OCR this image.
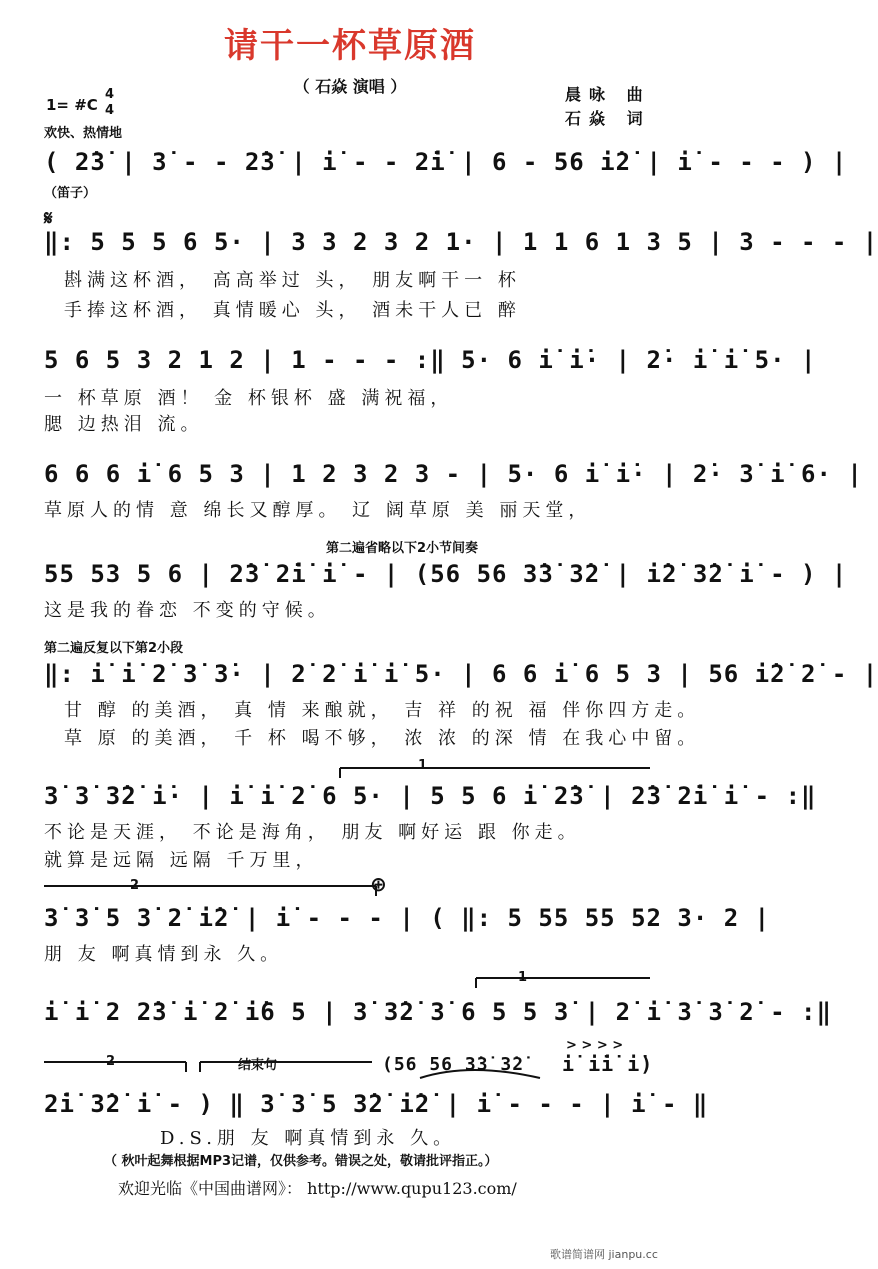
请干一杯草原酒
（ 石焱 演唱 ）	晨咏 曲
石焱 词
1= #C
4
4
欢快、热情地
( 2̇3̇ | 3̇ - - 2̇3̇ | i̇ - - 2̇i̇ | 6 - 56 i̇2̇ | i̇ - - - ) |
（笛子）
𝄋
‖: 5 5 5 6 5· | 3 3 2 3 2 1· | 1 1 6 1 3 5 | 3 - - - |
斟满这杯酒， 高高举过 头， 朋友啊干一 杯
手捧这杯酒， 真情暖心 头， 酒未干人已 醉
5 6 5 3 2 1 2 | 1 - - - :‖ 5· 6 i̇ i̇· | 2̇· i̇ i̇ 5· |
一 杯草原 酒！ 金 杯银杯 盛 满祝福，
腮 边热泪 流。
6 6 6 i̇ 6 5 3 | 1 2 3 2 3 - | 5· 6 i̇ i̇· | 2̇· 3̇ i̇ 6· |
草原人的情 意 绵长又醇厚。 辽 阔草原 美 丽天堂，
第二遍省略以下2小节间奏
55 53 5 6 | 2̇3̇ 2̇i̇ i̇ - | (56 56 3̇3̇ 3̇2̇ | i̇2̇ 3̇2̇ i̇ - ) |
这是我的眷恋 不变的守候。
第二遍反复以下第2小段
‖: i̇ i̇ 2̇ 3̇ 3̇· | 2̇ 2̇ i̇ i̇ 5· | 6 6 i̇ 6 5 3 | 56 i̇2̇ 2̇ - |
甘 醇 的美酒， 真 情 来酿就， 吉 祥 的祝 福 伴你四方走。
草 原 的美酒， 千 杯 喝不够， 浓 浓 的深 情 在我心中留。
1
3̇ 3̇ 3̇2̇ i̇· | i̇ i̇ 2̇ 6 5· | 5 5 6 i̇ 2̇3̇ | 2̇3̇ 2̇i̇ i̇ - :‖
不论是天涯， 不论是海角， 朋友 啊好运 跟 你走。
就算是远隔 远隔 千万里，
2	⊕
3̇ 3̇ 5 3̇ 2̇ i̇2̇ | i̇ - - - | ( ‖: 5 55 55 52 3· 2 |
朋 友 啊真情到永 久。
1
i̇ i̇ 2 2̇3̇ i̇ 2̇ i̇6 5 | 3̇ 3̇2̇ 3̇ 6 5 5 3̇ | 2̇ i̇ 3̇ 3̇ 2̇ - :‖
2	结束句	(56 56 3̇3̇ 3̇2̇
> > > >
i̇ i̇i̇ i̇)
2̇i̇ 3̇2̇ i̇ - ) ‖ 3̇ 3̇ 5 3̇2̇ i̇2̇ | i̇ - - - | i̇ - ‖
D.S.朋 友 啊真情到永 久。
（ 秋叶起舞根据MP3记谱，仅供参考。错误之处，敬请批评指正。）
欢迎光临《中国曲谱网》： http://www.qupu123.com/
歌谱简谱网 jianpu.cc
